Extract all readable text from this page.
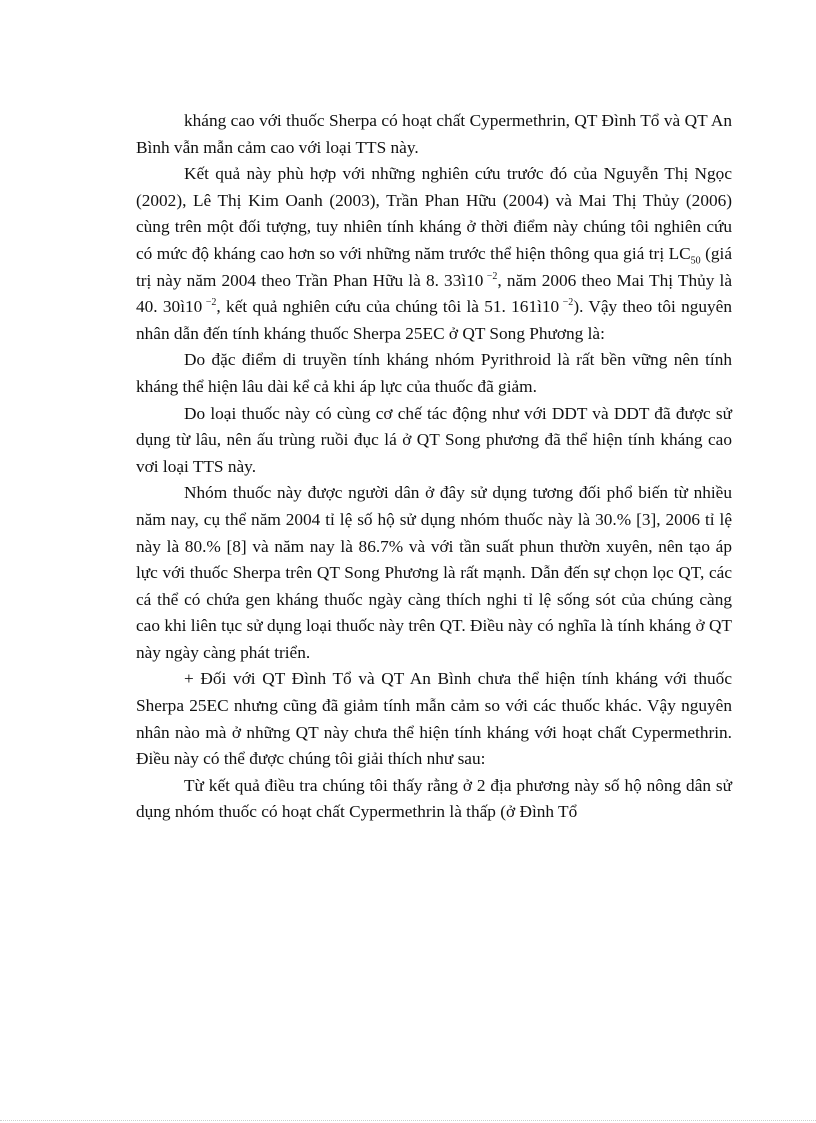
kháng cao với thuốc Sherpa có hoạt chất Cypermethrin, QT Đình Tổ và QT An Bình vẫn mẫn cảm cao với loại TTS này.

Kết quả này phù hợp với những nghiên cứu trước đó của Nguyễn Thị Ngọc (2002), Lê Thị Kim Oanh (2003), Trần Phan Hữu (2004) và Mai Thị Thủy (2006) cùng trên một đối tượng, tuy nhiên tính kháng ở thời điểm này chúng tôi nghiên cứu có mức độ kháng cao hơn so với những năm trước thể hiện thông qua giá trị $LC_{50}$ (giá trị này năm 2004 theo Trần Phan Hữu là 8. 33ì10 $^{-2}$, năm 2006 theo Mai Thị Thủy là 40. 30ì10 $^{-2}$, kết quả nghiên cứu của chúng tôi là 51. 161ì10 $^{-2}$). Vậy theo tôi nguyên nhân dẫn đến tính kháng thuốc Sherpa 25EC ở QT Song Phương là:

Do đặc điểm di truyền tính kháng nhóm Pyrithroid là rất bền vững nên tính kháng thể hiện lâu dài kể cả khi áp lực của thuốc đã giảm.

Do loại thuốc này có cùng cơ chế tác động như với DDT và DDT đã được sử dụng từ lâu, nên ấu trùng ruồi đục lá ở QT Song phương đã thể hiện tính kháng cao vơi loại TTS này.

Nhóm thuốc này được người dân ở đây sử dụng tương đối phổ biến từ nhiều năm nay, cụ thể năm 2004 tỉ lệ số hộ sử dụng nhóm thuốc này là 30.% [3], 2006 tỉ lệ này là 80.% [8] và năm nay là 86.7% và với tần suất phun thườn xuyên, nên tạo áp lực với thuốc Sherpa trên QT Song Phương là rất mạnh. Dẫn đến sự chọn lọc QT, các cá thể có chứa gen kháng thuốc ngày càng thích nghi tỉ lệ sống sót của chúng càng cao khi liên tục sử dụng loại thuốc này trên QT. Điều này có nghĩa là tính kháng ở QT này ngày càng phát triển.

+ Đối với QT Đình Tổ và QT An Bình chưa thể hiện tính kháng với thuốc Sherpa 25EC nhưng cũng đã giảm tính mẫn cảm so với các thuốc khác. Vậy nguyên nhân nào mà ở những QT này chưa thể hiện tính kháng với hoạt chất Cypermethrin. Điều này có thể được chúng tôi giải thích như sau:

Từ kết quả điều tra chúng tôi thấy rằng ở 2 địa phương này số hộ nông dân sử dụng nhóm thuốc có hoạt chất Cypermethrin là thấp (ở Đình Tổ
